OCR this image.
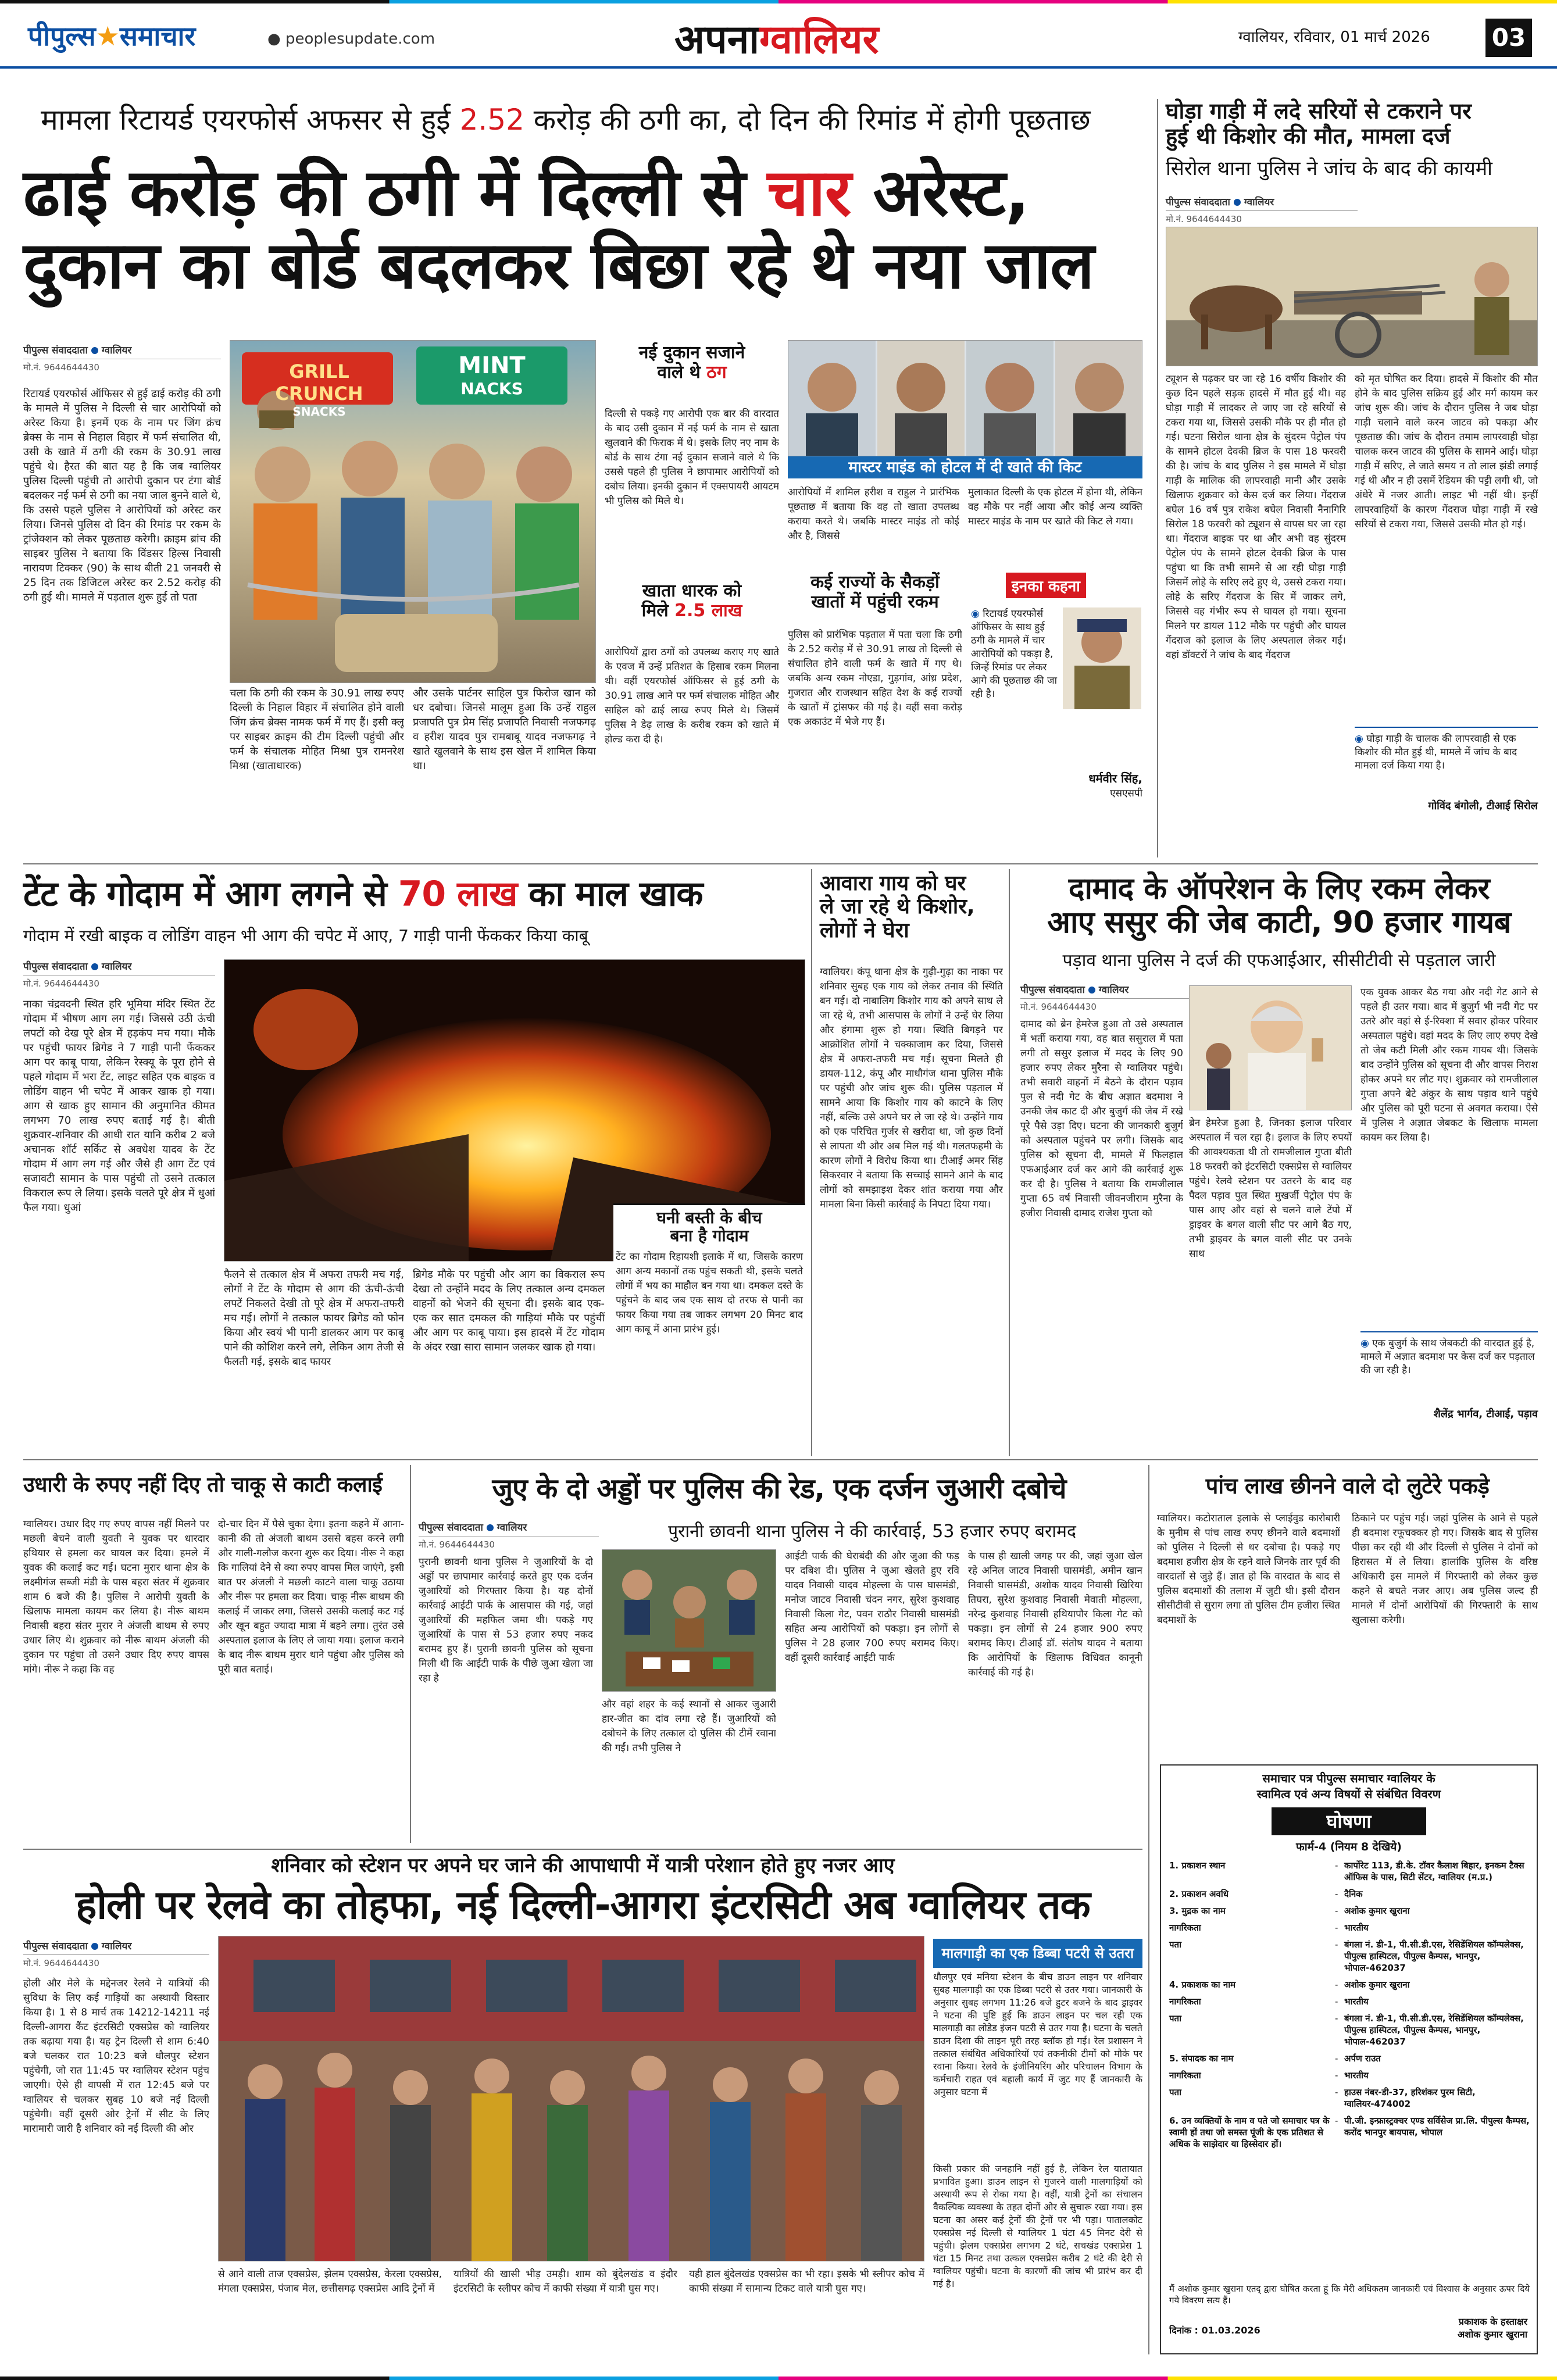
पीपुल्स★समाचार	● peoplesupdate.com	अपनाग्वालियर	ग्वालियर, रविवार, 01 मार्च 2026	03
मामला रिटायर्ड एयरफोर्स अफसर से हुई 2.52 करोड़ की ठगी का, दो दिन की रिमांड में होगी पूछताछ
ढाई करोड़ की ठगी में दिल्ली से चार अरेस्ट,
दुकान का बोर्ड बदलकर बिछा रहे थे नया जाल
पीपुल्स संवाददाता ग्वालियर
मो.नं. 9644644430
रिटायर्ड एयरफोर्स ऑफिसर से हुई ढाई करोड़ की ठगी के मामले में पुलिस ने दिल्ली से चार आरोपियों को अरेस्ट किया है। इनमें एक के नाम पर जिंग क्रंच ब्रेक्स के नाम से निहाल विहार में फर्म संचालित थी, उसी के खाते में ठगी की रकम के 30.91 लाख पहुंचे थे। हैरत की बात यह है कि जब ग्वालियर पुलिस दिल्ली पहुंची तो आरोपी दुकान पर टंगा बोर्ड बदलकर नई फर्म से ठगी का नया जाल बुनने वाले थे, कि उससे पहले पुलिस ने आरोपियों को अरेस्ट कर लिया। जिनसे पुलिस दो दिन की रिमांड पर रकम के ट्रांजेक्शन को लेकर पूछताछ करेगी। क्राइम ब्रांच की साइबर पुलिस ने बताया कि विंडसर हिल्स निवासी नारायण टिक्कर (90) के साथ बीती 21 जनवरी से 25 दिन तक डिजिटल अरेस्ट कर 2.52 करोड़ की ठगी हुई थी। मामले में पड़ताल शुरू हुई तो पता
GRILL CRUNCH
SNACKS
MINT
NACKS
चला कि ठगी की रकम के 30.91 लाख रुपए दिल्ली के निहाल विहार में संचालित होने वाली जिंग क्रंच ब्रेक्स नामक फर्म में गए हैं। इसी क्लू पर साइबर क्राइम की टीम दिल्ली पहुंची और फर्म के संचालक मोहित मिश्रा पुत्र रामनरेश मिश्रा (खाताधारक)
और उसके पार्टनर साहिल पुत्र फिरोज खान को धर दबोचा। जिनसे मालूम हुआ कि उन्हें राहुल प्रजापति पुत्र प्रेम सिंह प्रजापति निवासी नजफगढ़ व हरीश यादव पुत्र रामबाबू यादव नजफगढ़ ने खाते खुलवाने के साथ इस खेल में शामिल किया था।
नई दुकान सजाने
वाले थे ठग
दिल्ली से पकड़े गए आरोपी एक बार की वारदात के बाद उसी दुकान में नई फर्म के नाम से खाता खुलवाने की फिराक में थे। इसके लिए नए नाम के बोर्ड के साथ टंगा नई दुकान सजाने वाले थे कि उससे पहले ही पुलिस ने छापामार आरोपियों को दबोच लिया। इनकी दुकान में एक्सपायरी आयटम भी पुलिस को मिले थे।
खाता धारक को
मिले 2.5 लाख
आरोपियों द्वारा ठगों को उपलब्ध कराए गए खाते के एवज में उन्हें प्रतिशत के हिसाब रकम मिलना थी। वहीं एयरफोर्स ऑफिसर से हुई ठगी के 30.91 लाख आने पर फर्म संचालक मोहित और साहिल को ढाई लाख रुपए मिले थे। जिसमें पुलिस ने डेढ़ लाख के करीब रकम को खाते में होल्ड करा दी है।
मास्टर माइंड को होटल में दी खाते की किट
आरोपियों में शामिल हरीश व राहुल ने प्रारंभिक पूछताछ में बताया कि वह तो खाता उपलब्ध कराया करते थे। जबकि मास्टर माइंड तो कोई और है, जिससे
मुलाकात दिल्ली के एक होटल में होना थी, लेकिन वह मौके पर नहीं आया और कोई अन्य व्यक्ति मास्टर माइंड के नाम पर खाते की किट ले गया।
कई राज्यों के सैकड़ों
खातों में पहुंची रकम
पुलिस को प्रारंभिक पड़ताल में पता चला कि ठगी के 2.52 करोड़ में से 30.91 लाख तो दिल्ली से संचालित होने वाली फर्म के खाते में गए थे। जबकि अन्य रकम नोएडा, गुड़गांव, आंध्र प्रदेश, गुजरात और राजस्थान सहित देश के कई राज्यों के खातों में ट्रांसफर की गई है। वहीं सवा करोड़ एक अकाउंट में भेजे गए हैं।
इनका कहना
◉ रिटायर्ड एयरफोर्स ऑफिसर के साथ हुई ठगी के मामले में चार आरोपियों को पकड़ा है, जिन्हें रिमांड पर लेकर आगे की पूछताछ की जा रही है।
धर्मवीर सिंह,
एसएसपी
घोड़ा गाड़ी में लदे सरियों से टकराने पर
हुई थी किशोर की मौत, मामला दर्ज
सिरोल थाना पुलिस ने जांच के बाद की कायमी
पीपुल्स संवाददाता ग्वालियर
मो.नं. 9644644430
ट्यूशन से पढ़कर घर जा रहे 16 वर्षीय किशोर की कुछ दिन पहले सड़क हादसे में मौत हुई थी। वह घोड़ा गाड़ी में लादकर ले जाए जा रहे सरियों से टकरा गया था, जिससे उसकी मौके पर ही मौत हो गई। घटना सिरोल थाना क्षेत्र के सुंदरम पेट्रोल पंप के सामने होटल देवकी ब्रिज के पास 18 फरवरी की है। जांच के बाद पुलिस ने इस मामले में घोड़ा गाड़ी के मालिक की लापरवाही मानी और उसके खिलाफ शुक्रवार को केस दर्ज कर लिया। गेंदराज बघेल 16 वर्ष पुत्र राकेश बघेल निवासी नैनागिरि सिरोल 18 फरवरी को ट्यूशन से वापस घर जा रहा था। गेंदराज बाइक पर था और अभी वह सुंदरम पेट्रोल पंप के सामने होटल देवकी ब्रिज के पास पहुंचा था कि तभी सामने से आ रही घोड़ा गाड़ी जिसमें लोहे के सरिए लदे हुए थे, उससे टकरा गया। लोहे के सरिए गेंदराज के सिर में जाकर लगे, जिससे वह गंभीर रूप से घायल हो गया। सूचना मिलने पर डायल 112 मौके पर पहुंची और घायल गेंदराज को इलाज के लिए अस्पताल लेकर गई। वहां डॉक्टरों ने जांच के बाद गेंदराज
को मृत घोषित कर दिया। हादसे में किशोर की मौत होने के बाद पुलिस सक्रिय हुई और मर्ग कायम कर जांच शुरू की। जांच के दौरान पुलिस ने जब घोड़ा गाड़ी चलाने वाले करन जाटव को पकड़ा और पूछताछ की। जांच के दौरान तमाम लापरवाही घोड़ा चालक करन जाटव की पुलिस के सामने आई। घोड़ा गाड़ी में सरिए, ले जाते समय न तो लाल झंडी लगाई गई थी और न ही उसमें रेडियम की पट्टी लगी थी, जो अंधेरे में नजर आती। लाइट भी नहीं थी। इन्हीं लापरवाहियों के कारण गेंदराज घोड़ा गाड़ी में रखे सरियों से टकरा गया, जिससे उसकी मौत हो गई।
◉ घोड़ा गाड़ी के चालक की लापरवाही से एक किशोर की मौत हुई थी, मामले में जांच के बाद मामला दर्ज किया गया है।
गोविंद बंगोली, टीआई सिरोल
टेंट के गोदाम में आग लगने से 70 लाख का माल खाक
गोदाम में रखी बाइक व लोडिंग वाहन भी आग की चपेट में आए, 7 गाड़ी पानी फेंककर किया काबू
पीपुल्स संवाददाता ग्वालियर
मो.नं. 9644644430
नाका चंद्रवदनी स्थित हरि भूमिया मंदिर स्थित टेंट गोदाम में भीषण आग लग गई। जिससे उठी ऊंची लपटों को देख पूरे क्षेत्र में हड़कंप मच गया। मौके पर पहुंची फायर ब्रिगेड ने 7 गाड़ी पानी फेंककर आग पर काबू पाया, लेकिन रेस्क्यू के पूरा होने से पहले गोदाम में भरा टेंट, लाइट सहित एक बाइक व लोडिंग वाहन भी चपेट में आकर खाक हो गया। आग से खाक हुए सामान की अनुमानित कीमत लगभग 70 लाख रुपए बताई गई है। बीती शुक्रवार-शनिवार की आधी रात यानि करीब 2 बजे अचानक शॉर्ट सर्किट से अवधेश यादव के टेंट गोदाम में आग लग गई और जैसे ही आग टेंट एवं सजावटी सामान के पास पहुंची तो उसने तत्काल विकराल रूप ले लिया। इसके चलते पूरे क्षेत्र में धुआं फैल गया। धुआं
फैलने से तत्काल क्षेत्र में अफरा तफरी मच गई, लोगों ने टेंट के गोदाम से आग की ऊंची-ऊंची लपटें निकलते देखी तो पूरे क्षेत्र में अफरा-तफरी मच गई। लोगों ने तत्काल फायर ब्रिगेड को फोन किया और स्वयं भी पानी डालकर आग पर काबू पाने की कोशिश करने लगे, लेकिन आग तेजी से फैलती गई, इसके बाद फायर
ब्रिगेड मौके पर पहुंची और आग का विकराल रूप देखा तो उन्होंने मदद के लिए तत्काल अन्य दमकल वाहनों को भेजने की सूचना दी। इसके बाद एक-एक कर सात दमकल की गाड़ियां मौके पर पहुंचीं और आग पर काबू पाया। इस हादसे में टेंट गोदाम के अंदर रखा सारा सामान जलकर खाक हो गया।
घनी बस्ती के बीच
बना है गोदाम
टेंट का गोदाम रिहायशी इलाके में था, जिसके कारण आग अन्य मकानों तक पहुंच सकती थी, इसके चलते लोगों में भय का माहौल बन गया था। दमकल दस्ते के पहुंचने के बाद जब एक साथ दो तरफ से पानी का फायर किया गया तब जाकर लगभग 20 मिनट बाद आग काबू में आना प्रारंभ हुई।
आवारा गाय को घर
ले जा रहे थे किशोर,
लोगों ने घेरा
ग्वालियर। कंपू थाना क्षेत्र के गुढ़ी-गुढ़ा का नाका पर शनिवार सुबह एक गाय को लेकर तनाव की स्थिति बन गई। दो नाबालिग किशोर गाय को अपने साथ ले जा रहे थे, तभी आसपास के लोगों ने उन्हें घेर लिया और हंगामा शुरू हो गया। स्थिति बिगड़ने पर आक्रोशित लोगों ने चक्काजाम कर दिया, जिससे क्षेत्र में अफरा-तफरी मच गई। सूचना मिलते ही डायल-112, कंपू और माधौगंज थाना पुलिस मौके पर पहुंची और जांच शुरू की। पुलिस पड़ताल में सामने आया कि किशोर गाय को काटने के लिए नहीं, बल्कि उसे अपने घर ले जा रहे थे। उन्होंने गाय को एक परिचित गुर्जर से खरीदा था, जो कुछ दिनों से लापता थी और अब मिल गई थी। गलतफहमी के कारण लोगों ने विरोध किया था। टीआई अमर सिंह सिकरवार ने बताया कि सच्चाई सामने आने के बाद लोगों को समझाइश देकर शांत कराया गया और मामला बिना किसी कार्रवाई के निपटा दिया गया।
दामाद के ऑपरेशन के लिए रकम लेकर
आए ससुर की जेब काटी, 90 हजार गायब
पड़ाव थाना पुलिस ने दर्ज की एफआईआर, सीसीटीवी से पड़ताल जारी
पीपुल्स संवाददाता ग्वालियर
मो.नं. 9644644430
दामाद को ब्रेन हेमरेज हुआ तो उसे अस्पताल में भर्ती कराया गया, वह बात ससुराल में पता लगी तो ससुर इलाज में मदद के लिए 90 हजार रुपए लेकर मुरैना से ग्वालियर पहुंचे। तभी सवारी वाहनों में बैठने के दौरान पड़ाव पुल से नदी गेट के बीच अज्ञात बदमाश ने उनकी जेब काट दी और बुजुर्ग की जेब में रखे पूरे पैसे उड़ा दिए। घटना की जानकारी बुजुर्ग को अस्पताल पहुंचने पर लगी। जिसके बाद पुलिस को सूचना दी, मामले में फिलहाल एफआईआर दर्ज कर आगे की कार्रवाई शुरू कर दी है। पुलिस ने बताया कि रामजीलाल गुप्ता 65 वर्ष निवासी जीवनजीराम मुरैना के हजीरा निवासी दामाद राजेश गुप्ता को
ब्रेन हेमरेज हुआ है, जिनका इलाज परिवार अस्पताल में चल रहा है। इलाज के लिए रुपयों की आवश्यकता थी तो रामजीलाल गुप्ता बीती 18 फरवरी को इंटरसिटी एक्सप्रेस से ग्वालियर पहुंचे। रेलवे स्टेशन पर उतरने के बाद वह पैदल पड़ाव पुल स्थित मुखर्जी पेट्रोल पंप के पास आए और वहां से चलने वाले टेंपो में ड्राइवर के बगल वाली सीट पर आगे बैठ गए, तभी ड्राइवर के बगल वाली सीट पर उनके साथ
एक युवक आकर बैठ गया और नदी गेट आने से पहले ही उतर गया। बाद में बुजुर्ग भी नदी गेट पर उतरे और वहां से ई-रिक्शा में सवार होकर परिवार अस्पताल पहुंचे। वहां मदद के लिए लाए रुपए देखे तो जेब कटी मिली और रकम गायब थी। जिसके बाद उन्होंने पुलिस को सूचना दी और वापस निराश होकर अपने घर लौट गए। शुक्रवार को रामजीलाल गुप्ता अपने बेटे अंकुर के साथ पड़ाव थाने पहुंचे और पुलिस को पूरी घटना से अवगत कराया। ऐसे में पुलिस ने अज्ञात जेबकट के खिलाफ मामला कायम कर लिया है।
◉ एक बुजुर्ग के साथ जेबकटी की वारदात हुई है, मामले में अज्ञात बदमाश पर केस दर्ज कर पड़ताल की जा रही है।
शैलेंद्र भार्गव, टीआई, पड़ाव
उधारी के रुपए नहीं दिए तो चाकू से काटी कलाई
ग्वालियर। उधार दिए गए रुपए वापस नहीं मिलने पर मछली बेचने वाली युवती ने युवक पर धारदार हथियार से हमला कर घायल कर दिया। हमले में युवक की कलाई कट गई। घटना मुरार थाना क्षेत्र के लक्ष्मीगंज सब्जी मंडी के पास बहरा संतर में शुक्रवार शाम 6 बजे की है। पुलिस ने आरोपी युवती के खिलाफ मामला कायम कर लिया है। नीरू बाथम निवासी बहरा संतर मुरार ने अंजली बाथम से रुपए उधार लिए थे। शुक्रवार को नीरू बाथम अंजली की दुकान पर पहुंचा तो उसने उधार दिए रुपए वापस मांगे। नीरू ने कहा कि वह
दो-चार दिन में पैसे चुका देगा। इतना कहने में आना-कानी की तो अंजली बाथम उससे बहस करने लगी और गाली-गलौज करना शुरू कर दिया। नीरू ने कहा कि गालियां देने से क्या रुपए वापस मिल जाएंगे, इसी बात पर अंजली ने मछली काटने वाला चाकू उठाया और नीरू पर हमला कर दिया। चाकू नीरू बाथम की कलाई में जाकर लगा, जिससे उसकी कलाई कट गई और खून बहुत ज्यादा मात्रा में बहने लगा। तुरंत उसे अस्पताल इलाज के लिए ले जाया गया। इलाज कराने के बाद नीरू बाथम मुरार थाने पहुंचा और पुलिस को पूरी बात बताई।
जुए के दो अड्डों पर पुलिस की रेड, एक दर्जन जुआरी दबोचे
पुरानी छावनी थाना पुलिस ने की कार्रवाई, 53 हजार रुपए बरामद
पीपुल्स संवाददाता ग्वालियर
मो.नं. 9644644430
पुरानी छावनी थाना पुलिस ने जुआरियों के दो अड्डों पर छापामार कार्रवाई करते हुए एक दर्जन जुआरियों को गिरफ्तार किया है। यह दोनों कार्रवाई आईटी पार्क के आसपास की गई, जहां जुआरियों की महफिल जमा थी। पकड़े गए जुआरियों के पास से 53 हजार रुपए नकद बरामद हुए हैं। पुरानी छावनी पुलिस को सूचना मिली थी कि आईटी पार्क के पीछे जुआ खेला जा रहा है
और वहां शहर के कई स्थानों से आकर जुआरी हार-जीत का दांव लगा रहे हैं। जुआरियों को दबोचने के लिए तत्काल दो पुलिस की टीमें रवाना की गईं। तभी पुलिस ने
आईटी पार्क की घेराबंदी की और जुआ की फड़ पर दबिश दी। पुलिस ने जुआ खेलते हुए रवि यादव निवासी यादव मोहल्ला के पास घासमंडी, मनोज जाटव निवासी चंदन नगर, सुरेश कुशवाह निवासी किला गेट, पवन राठौर निवासी घासमंडी सहित अन्य आरोपियों को पकड़ा। इन लोगों से पुलिस ने 28 हजार 700 रुपए बरामद किए। वहीं दूसरी कार्रवाई आईटी पार्क
के पास ही खाली जगह पर की, जहां जुआ खेल रहे अनिल जाटव निवासी घासमंडी, अमीन खान निवासी घासमंडी, अशोक यादव निवासी खिरिया तिघरा, सुरेश कुशवाह निवासी मेवाती मोहल्ला, नरेन्द्र कुशवाह निवासी हथियापौर किला गेट को पकड़ा। इन लोगों से 24 हजार 900 रुपए बरामद किए। टीआई डॉ. संतोष यादव ने बताया कि आरोपियों के खिलाफ विधिवत कानूनी कार्रवाई की गई है।
पांच लाख छीनने वाले दो लुटेरे पकड़े
ग्वालियर। कटोराताल इलाके से प्लाईवुड कारोबारी के मुनीम से पांच लाख रुपए छीनने वाले बदमाशों को पुलिस ने दिल्ली से धर दबोचा है। पकड़े गए बदमाश हजीरा क्षेत्र के रहने वाले जिनके तार पूर्व की वारदातों से जुड़े हैं। ज्ञात हो कि वारदात के बाद से पुलिस बदमाशों की तलाश में जुटी थी। इसी दौरान सीसीटीवी से सुराग लगा तो पुलिस टीम हजीरा स्थित बदमाशों के
ठिकाने पर पहुंच गई। जहां पुलिस के आने से पहले ही बदमाश रफूचक्कर हो गए। जिसके बाद से पुलिस पीछा कर रही थी और दिल्ली से पुलिस ने दोनों को हिरासत में ले लिया। हालांकि पुलिस के वरिष्ठ अधिकारी इस मामले में गिरफ्तारी को लेकर कुछ कहने से बचते नजर आए। अब पुलिस जल्द ही मामले में दोनों आरोपियों की गिरफ्तारी के साथ खुलासा करेगी।
समाचार पत्र पीपुल्स समाचार ग्वालियर के
स्वामित्व एवं अन्य विषयों से संबंधित विवरण
घोषणा
फार्म-4 (नियम 8 देखिये)
1. प्रकाशन स्थान	- कार्पोरेट 113, डी.के. टॉवर कैलाश बिहार, इनकम टैक्स ऑफिस के पास, सिटी सेंटर, ग्वालियर (म.प्र.)
2. प्रकाशन अवधि	- दैनिक
3. मुद्रक का नाम	- अशोक कुमार खुराना
नागरिकता	- भारतीय
पता	- बंगला नं. डी-1, पी.सी.डी.एस, रेसिडेंशियल कॉम्पलेक्स, पीपुल्स हास्पिटल, पीपुल्स कैम्पस, भानपुर, भोपाल-462037
4. प्रकाशक का नाम	- अशोक कुमार खुराना
नागरिकता	- भारतीय
पता	- बंगला नं. डी-1, पी.सी.डी.एस, रेसिडेंशियल कॉम्पलेक्स, पीपुल्स हास्पिटल, पीपुल्स कैम्पस, भानपुर, भोपाल-462037
5. संपादक का नाम	- अर्पण राउत
नागरिकता	- भारतीय
पता	- हाउस नंबर-डी-37, हरिशंकर पुरम सिटी, ग्वालियर-474002
6. उन व्यक्तियों के नाम व पते जो समाचार पत्र के स्वामी हों तथा जो समस्त पूंजी के एक प्रतिशत से अधिक के साझेदार या हिस्सेदार हों।
- पी.जी. इन्फ्रास्ट्रक्चर एण्ड सर्विसेज प्रा.लि. पीपुल्स कैम्पस, करोंद भानपुर बायपास, भोपाल
मैं अशोक कुमार खुराना एतद् द्वारा घोषित करता हूं कि मेरी अधिकतम जानकारी एवं विश्वास के अनुसार ऊपर दिये गये विवरण सत्य हैं।
दिनांक : 01.03.2026
प्रकाशक के हस्ताक्षर
अशोक कुमार खुराना
शनिवार को स्टेशन पर अपने घर जाने की आपाधापी में यात्री परेशान होते हुए नजर आए
होली पर रेलवे का तोहफा, नई दिल्ली-आगरा इंटरसिटी अब ग्वालियर तक
पीपुल्स संवाददाता ग्वालियर
मो.नं. 9644644430
होली और मेले के मद्देनजर रेलवे ने यात्रियों की सुविधा के लिए कई गाड़ियों का अस्थायी विस्तार किया है। 1 से 8 मार्च तक 14212-14211 नई दिल्ली-आगरा कैंट इंटरसिटी एक्सप्रेस को ग्वालियर तक बढ़ाया गया है। यह ट्रेन दिल्ली से शाम 6:40 बजे चलकर रात 10:23 बजे धौलपुर स्टेशन पहुंचेगी, जो रात 11:45 पर ग्वालियर स्टेशन पहुंच जाएगी। ऐसे ही वापसी में रात 12:45 बजे पर ग्वालियर से चलकर सुबह 10 बजे नई दिल्ली पहुंचेगी। वहीं दूसरी ओर ट्रेनों में सीट के लिए मारामारी जारी है शनिवार को नई दिल्ली की ओर
से आने वाली ताज एक्सप्रेस, झेलम एक्सप्रेस, केरला एक्सप्रेस, मंगला एक्सप्रेस, पंजाब मेल, छत्तीसगढ़ एक्सप्रेस आदि ट्रेनों में
यात्रियों की खासी भीड़ उमड़ी। शाम को बुंदेलखंड व इंदौर इंटरसिटी के स्लीपर कोच में काफी संख्या में यात्री घुस गए।
यही हाल बुंदेलखंड एक्सप्रेस का भी रहा। इसके भी स्लीपर कोच में काफी संख्या में सामान्य टिकट वाले यात्री घुस गए।
मालगाड़ी का एक डिब्बा पटरी से उतरा
धौलपुर एवं मनिया स्टेशन के बीच डाउन लाइन पर शनिवार सुबह मालगाड़ी का एक डिब्बा पटरी से उतर गया। जानकारी के अनुसार सुबह लगभग 11:26 बजे हुटर बजने के बाद ड्राइवर ने घटना की पुष्टि हुई कि डाउन लाइन पर चल रही एक मालगाड़ी का लोडेड इंजन पटरी से उतर गया है। घटना के चलते डाउन दिशा की लाइन पूरी तरह ब्लॉक हो गई। रेल प्रशासन ने तत्काल संबंधित अधिकारियों एवं तकनीकी टीमों को मौके पर रवाना किया। रेलवे के इंजीनियरिंग और परिचालन विभाग के कर्मचारी राहत एवं बहाली कार्य में जुट गए हैं जानकारी के अनुसार घटना में
किसी प्रकार की जनहानि नहीं हुई है, लेकिन रेल यातायात प्रभावित हुआ। डाउन लाइन से गुजरने वाली मालगाड़ियों को अस्थायी रूप से रोका गया है। वहीं, यात्री ट्रेनों का संचालन वैकल्पिक व्यवस्था के तहत दोनों ओर से सुचारू रखा गया। इस घटना का असर कई ट्रेनों की ट्रेनों पर भी पड़ा। पातालकोट एक्सप्रेस नई दिल्ली से ग्वालियर 1 घंटा 45 मिनट देरी से पहुंची। झेलम एक्सप्रेस लगभग 2 घंटे, सचखंड एक्सप्रेस 1 घंटा 15 मिनट तथा उत्कल एक्सप्रेस करीब 2 घंटे की देरी से ग्वालियर पहुंची। घटना के कारणों की जांच भी प्रारंभ कर दी गई है।
